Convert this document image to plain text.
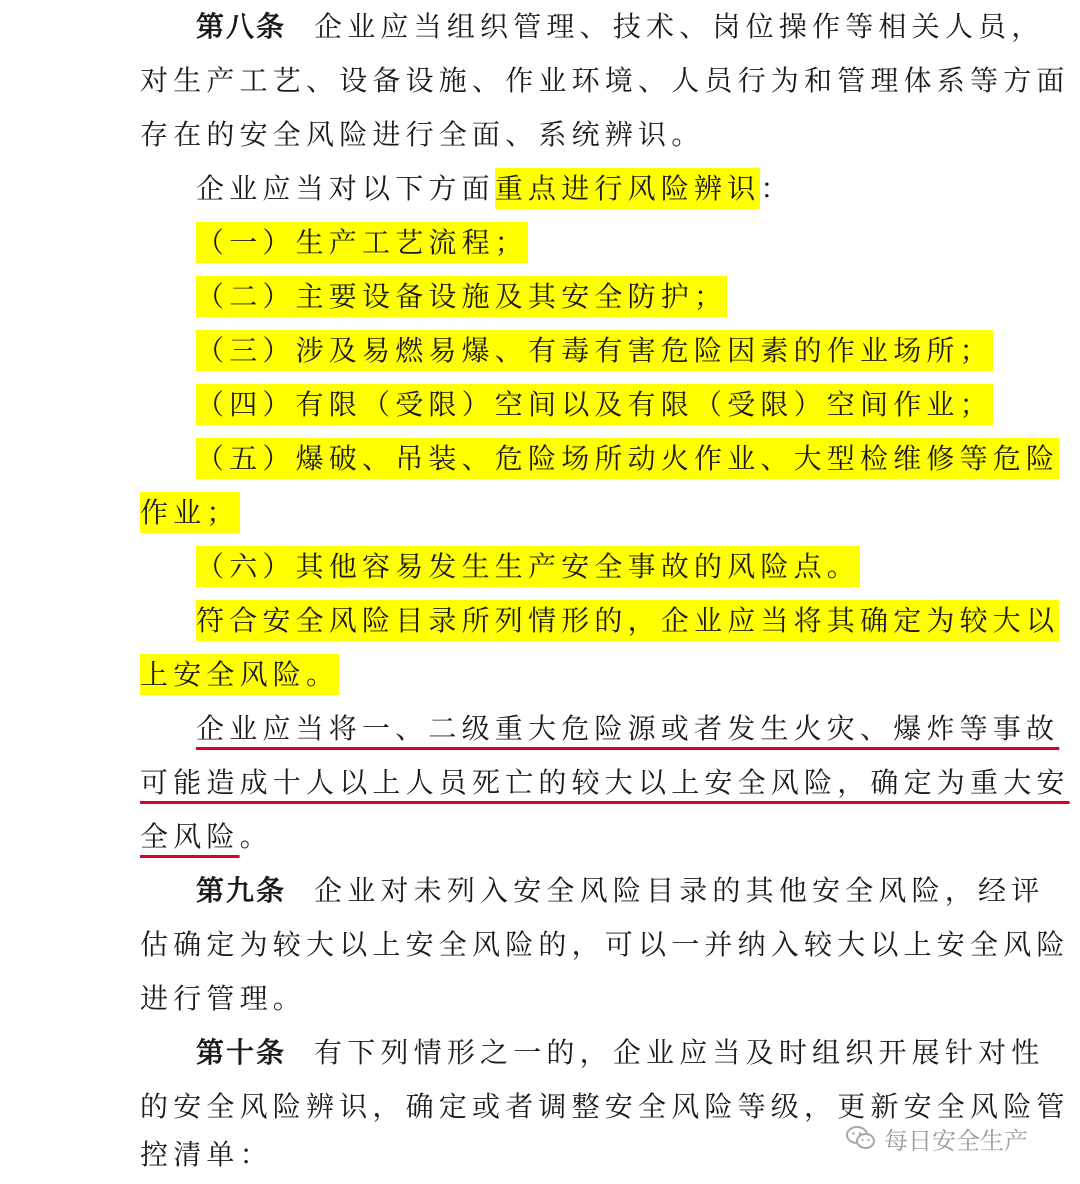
第八条 企业应当组织管理、技术、岗位操作等相关人员，
对生产工艺、设备设施、作业环境、人员行为和管理体系等方面
存在的安全风险进行全面、系统辨识。
企业应当对以下方面重点进行风险辨识：
（一）生产工艺流程；
（二）主要设备设施及其安全防护；
（三）涉及易燃易爆、有毒有害危险因素的作业场所；
（四）有限（受限）空间以及有限（受限）空间作业；
（五）爆破、吊装、危险场所动火作业、大型检维修等危险
作业；
（六）其他容易发生生产安全事故的风险点。
符合安全风险目录所列情形的，企业应当将其确定为较大以
上安全风险。
企业应当将一、二级重大危险源或者发生火灾、爆炸等事故
可能造成十人以上人员死亡的较大以上安全风险，确定为重大安
全风险。
第九条 企业对未列入安全风险目录的其他安全风险，经评
估确定为较大以上安全风险的，可以一并纳入较大以上安全风险
进行管理。
第十条 有下列情形之一的，企业应当及时组织开展针对性
的安全风险辨识，确定或者调整安全风险等级，更新安全风险管
控清单：	每日安全生产
